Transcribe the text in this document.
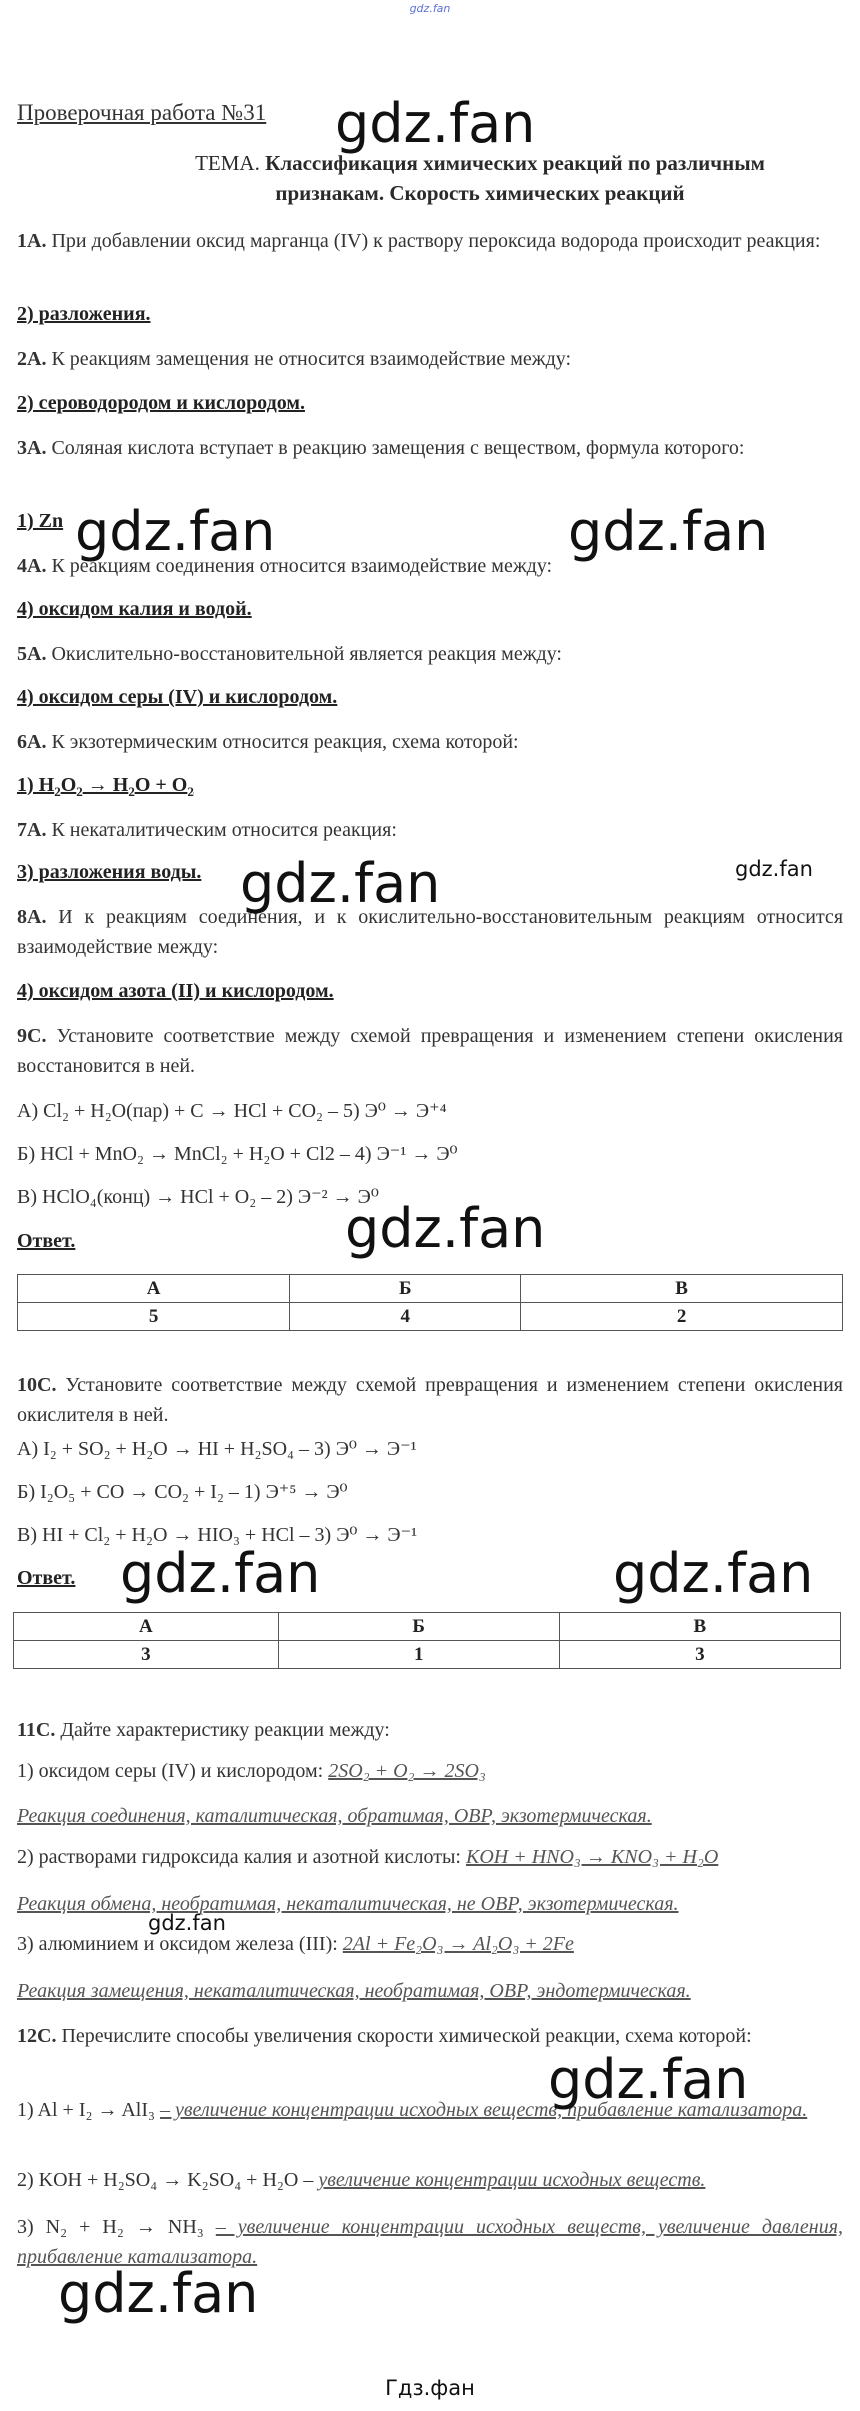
gdz.fan
Проверочная работа №31
ТЕМА. Классификация химических реакций по различным
признакам. Скорость химических реакций
1А. При добавлении оксид марганца (IV) к раствору пероксида водорода происходит реакция:
2) разложения.
2А. К реакциям замещения не относится взаимодействие между:
2) сероводородом и кислородом.
3А. Соляная кислота вступает в реакцию замещения с веществом, формула которого:
1) Zn
4А. К реакциям соединения относится взаимодействие между:
4) оксидом калия и водой.
5А. Окислительно-восстановительной является реакция между:
4) оксидом серы (IV) и кислородом.
6А. К экзотермическим относится реакция, схема которой:
1) $H_2O_2 \to H_2O + O_2$
7А. К некаталитическим относится реакция:
3) разложения воды.
8А. И к реакциям соединения, и к окислительно-восстановительным реакциям относится взаимодействие между:
4) оксидом азота (II) и кислородом.
9С. Установите соответствие между схемой превращения и изменением степени окисления восстановится в ней.
А) Cl₂ + H₂O(пар) + C → HCl + CO₂ – 5) Э⁰ → Э⁺⁴
Б) HCl + MnO₂ → MnCl₂ + H₂O + Cl2 – 4) Э⁻¹ → Э⁰
В) HClO₄(конц) → HCl + O₂ – 2) Э⁻² → Э⁰
Ответ.
А	Б	В
5	4	2
10С. Установите соответствие между схемой превращения и изменением степени окисления окислителя в ней.
А) I₂ + SO₂ + H₂O → HI + H₂SO₄ – 3) Э⁰ → Э⁻¹
Б) I₂O₅ + CO → CO₂ + I₂ – 1) Э⁺⁵ → Э⁰
В) HI + Cl₂ + H₂O → HIO₃ + HCl – 3) Э⁰ → Э⁻¹
Ответ.
А	Б	В
3	1	3
11С. Дайте характеристику реакции между:
1) оксидом серы (IV) и кислородом: 2SO₂ + O₂ → 2SO₃
Реакция соединения, каталитическая, обратимая, ОВР, экзотермическая.
2) растворами гидроксида калия и азотной кислоты: KOH + HNO₃ → KNO₃ + H₂O
Реакция обмена, необратимая, некаталитическая, не ОВР, экзотермическая.
3) алюминием и оксидом железа (III): 2Al + Fe₂O₃ → Al₂O₃ + 2Fe
Реакция замещения, некаталитическая, необратимая, ОВР, эндотермическая.
12С. Перечислите способы увеличения скорости химической реакции, схема которой:
1) Al + I₂ → AlI₃ – увеличение концентрации исходных веществ, прибавление катализатора.
2) KOH + H₂SO₄ → K₂SO₄ + H₂O – увеличение концентрации исходных веществ.
3) N₂ + H₂ → NH₃ – увеличение концентрации исходных веществ, увеличение давления, прибавление катализатора.
gdz.fan
gdz.fan	gdz.fan
gdz.fan
gdz.fan
gdz.fan
gdz.fan	gdz.fan
gdz.fan
gdz.fan
gdz.fan
Гдз.фан
